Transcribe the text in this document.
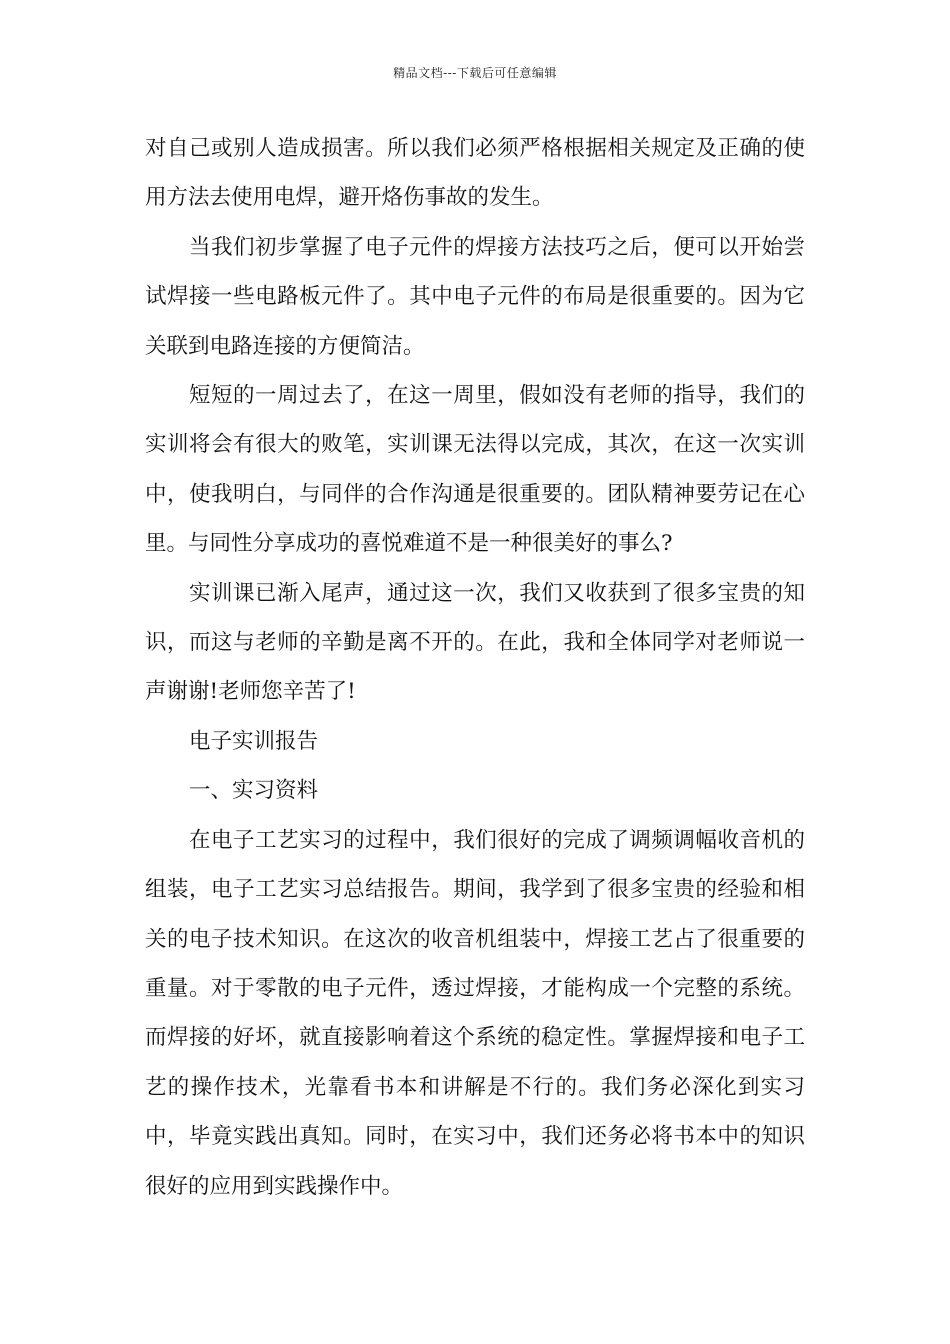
精品文档---下载后可任意编辑

对自己或别人造成损害。所以我们必须严格根据相关规定及正确的使用方法去使用电焊，避开烙伤事故的发生。

当我们初步掌握了电子元件的焊接方法技巧之后，便可以开始尝试焊接一些电路板元件了。其中电子元件的布局是很重要的。因为它关联到电路连接的方便简洁。

短短的一周过去了，在这一周里，假如没有老师的指导，我们的实训将会有很大的败笔，实训课无法得以完成，其次，在这一次实训中，使我明白，与同伴的合作沟通是很重要的。团队精神要劳记在心里。与同性分享成功的喜悦难道不是一种很美好的事么?

实训课已渐入尾声，通过这一次，我们又收获到了很多宝贵的知识，而这与老师的辛勤是离不开的。在此，我和全体同学对老师说一声谢谢!老师您辛苦了!

电子实训报告

一、实习资料

在电子工艺实习的过程中，我们很好的完成了调频调幅收音机的组装，电子工艺实习总结报告。期间，我学到了很多宝贵的经验和相关的电子技术知识。在这次的收音机组装中，焊接工艺占了很重要的重量。对于零散的电子元件，透过焊接，才能构成一个完整的系统。而焊接的好坏，就直接影响着这个系统的稳定性。掌握焊接和电子工艺的操作技术，光靠看书本和讲解是不行的。我们务必深化到实习中，毕竟实践出真知。同时，在实习中，我们还务必将书本中的知识很好的应用到实践操作中。
